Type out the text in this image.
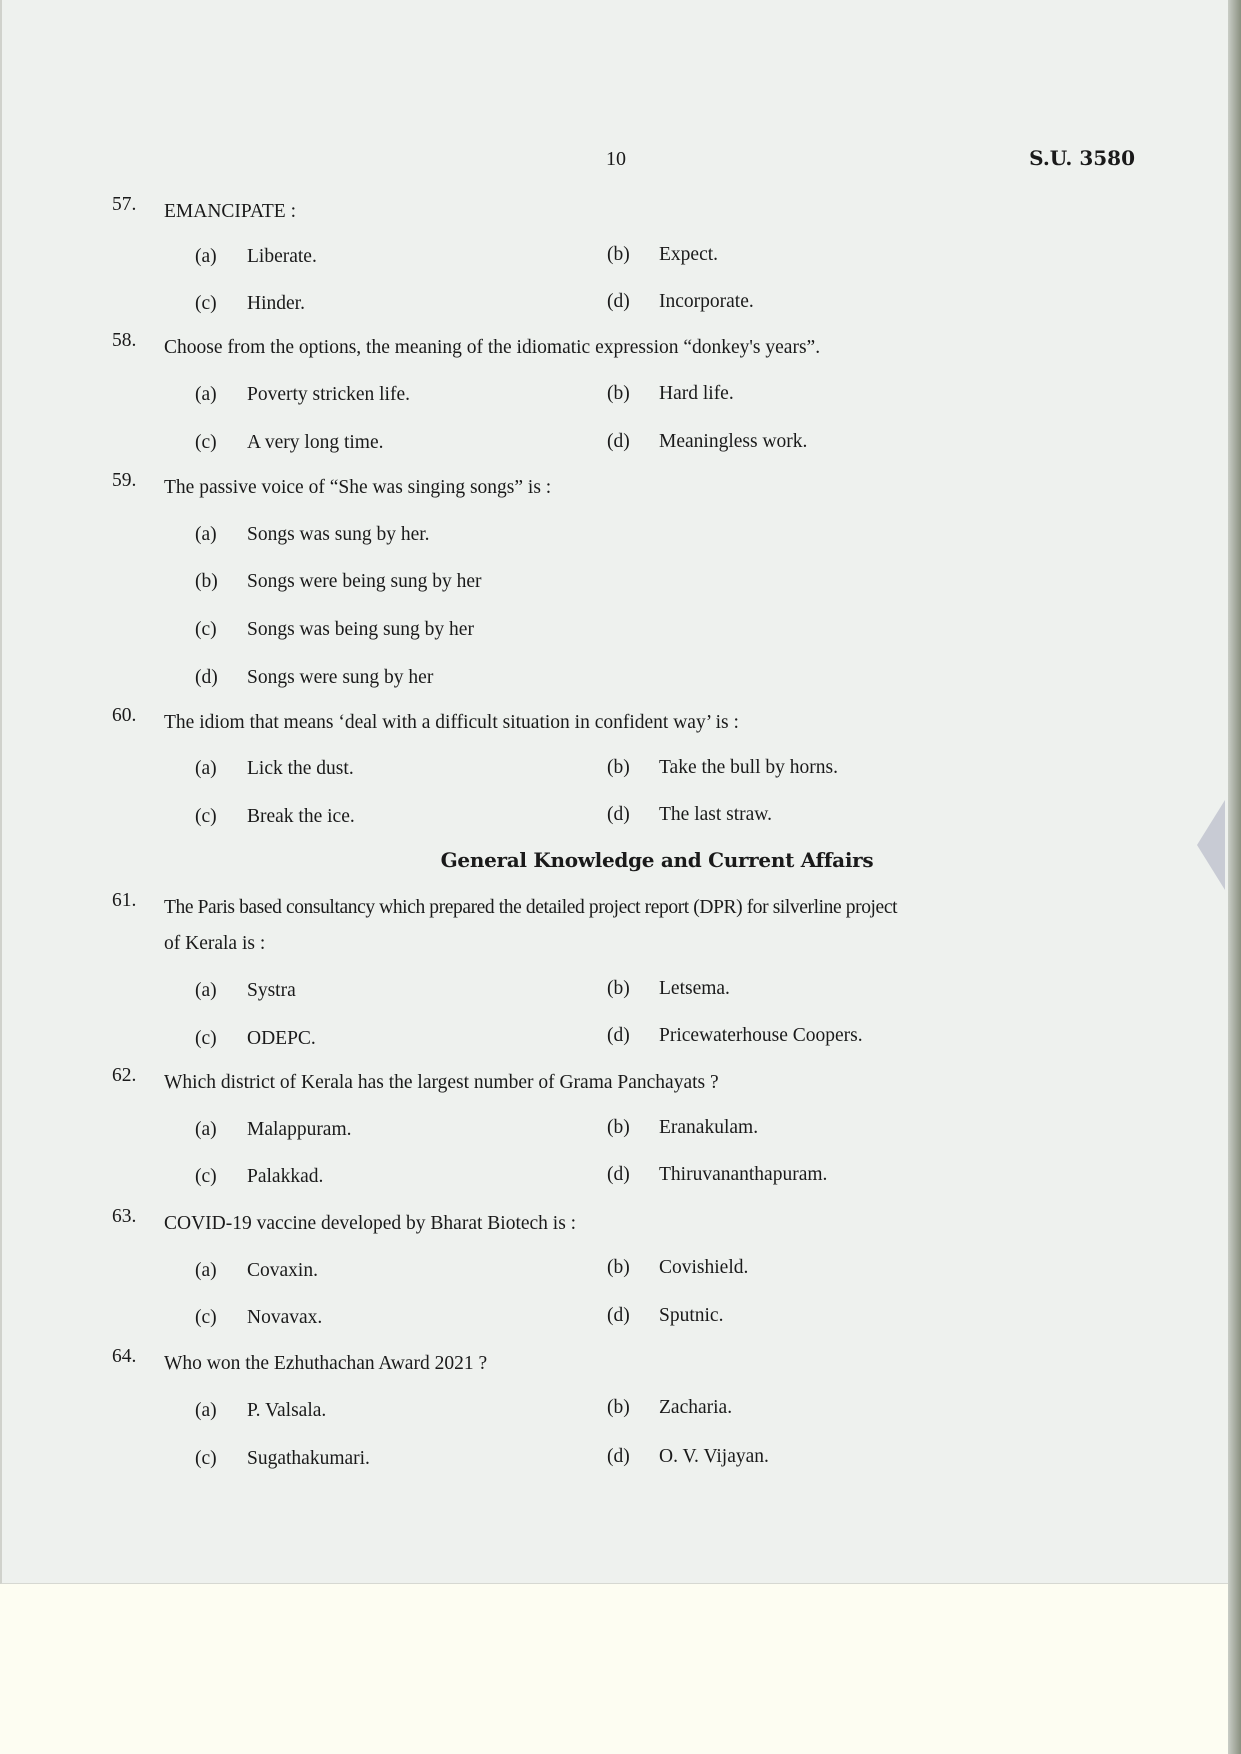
10	S.U. 3580
57.	EMANCIPATE :
(a) Liberate.	(b) Expect.
(c) Hinder.	(d) Incorporate.
58.	Choose from the options, the meaning of the idiomatic expression “donkey's years”.
(a) Poverty stricken life.	(b) Hard life.
(c) A very long time.	(d) Meaningless work.
59.	The passive voice of “She was singing songs” is :
(a) Songs was sung by her.
(b) Songs were being sung by her
(c) Songs was being sung by her
(d) Songs were sung by her
60.	The idiom that means ‘deal with a difficult situation in confident way’ is :
(a) Lick the dust.	(b) Take the bull by horns.
(c) Break the ice.	(d) The last straw.
General Knowledge and Current Affairs
61.	The Paris based consultancy which prepared the detailed project report (DPR) for silverline project
of Kerala is :
(a) Systra	(b) Letsema.
(c) ODEPC.	(d) Pricewaterhouse Coopers.
62.	Which district of Kerala has the largest number of Grama Panchayats ?
(a) Malappuram.	(b) Eranakulam.
(c) Palakkad.	(d) Thiruvananthapuram.
63.	COVID-19 vaccine developed by Bharat Biotech is :
(a) Covaxin.	(b) Covishield.
(c) Novavax.	(d) Sputnic.
64.	Who won the Ezhuthachan Award 2021 ?
(a) P. Valsala.	(b) Zacharia.
(c) Sugathakumari.	(d) O. V. Vijayan.
